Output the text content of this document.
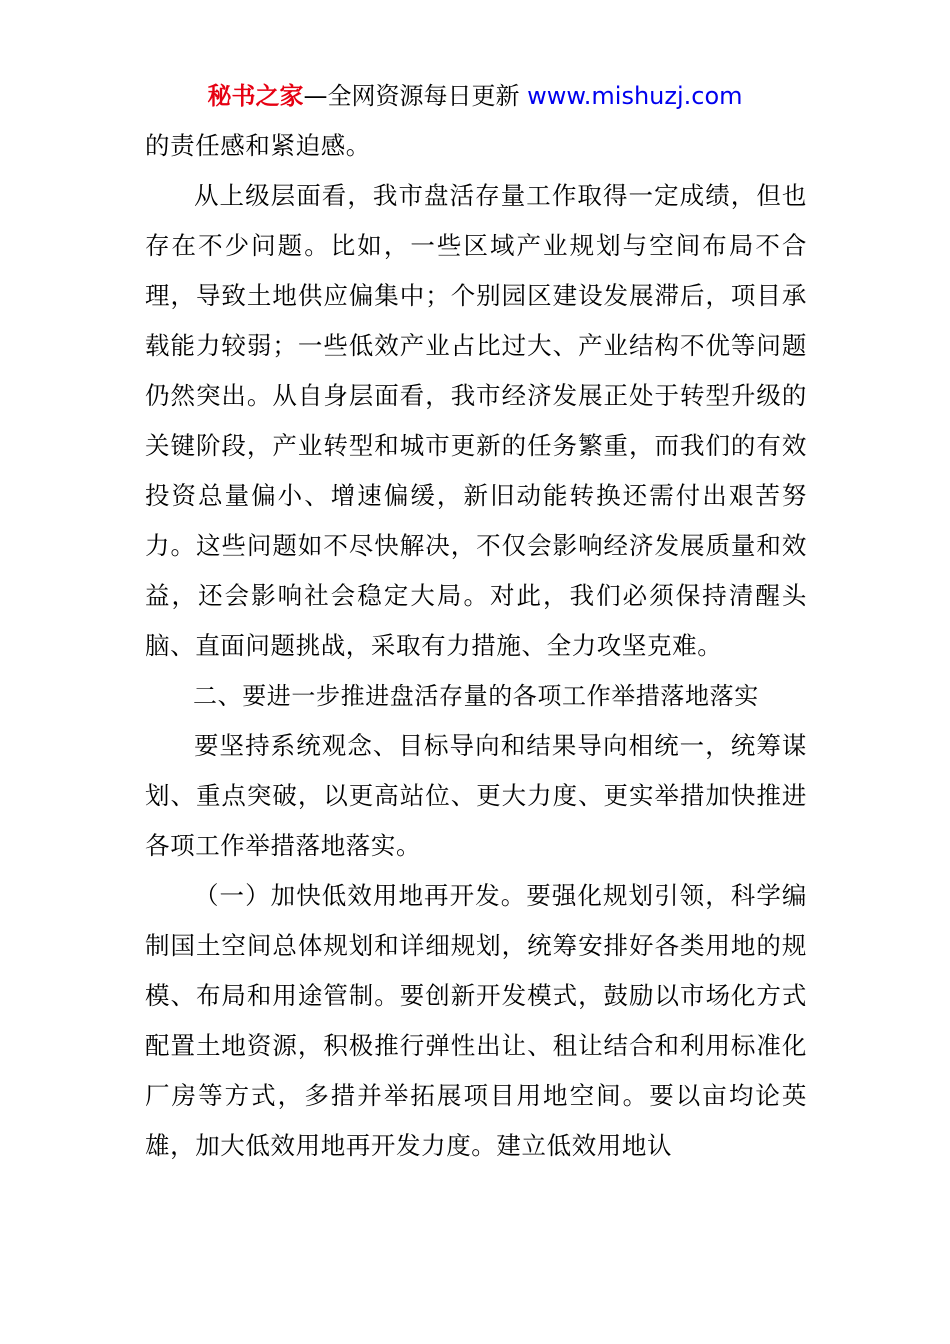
秘书之家—全网资源每日更新 www.mishuzj.com

的责任感和紧迫感。

从上级层面看，我市盘活存量工作取得一定成绩，但也存在不少问题。比如，一些区域产业规划与空间布局不合理，导致土地供应偏集中；个别园区建设发展滞后，项目承载能力较弱；一些低效产业占比过大、产业结构不优等问题仍然突出。从自身层面看，我市经济发展正处于转型升级的关键阶段，产业转型和城市更新的任务繁重，而我们的有效投资总量偏小、增速偏缓，新旧动能转换还需付出艰苦努力。这些问题如不尽快解决，不仅会影响经济发展质量和效益，还会影响社会稳定大局。对此，我们必须保持清醒头脑、直面问题挑战，采取有力措施、全力攻坚克难。

二、要进一步推进盘活存量的各项工作举措落地落实

要坚持系统观念、目标导向和结果导向相统一，统筹谋划、重点突破，以更高站位、更大力度、更实举措加快推进各项工作举措落地落实。

（一）加快低效用地再开发。要强化规划引领，科学编制国土空间总体规划和详细规划，统筹安排好各类用地的规模、布局和用途管制。要创新开发模式，鼓励以市场化方式配置土地资源，积极推行弹性出让、租让结合和利用标准化厂房等方式，多措并举拓展项目用地空间。要以亩均论英雄，加大低效用地再开发力度。建立低效用地认
